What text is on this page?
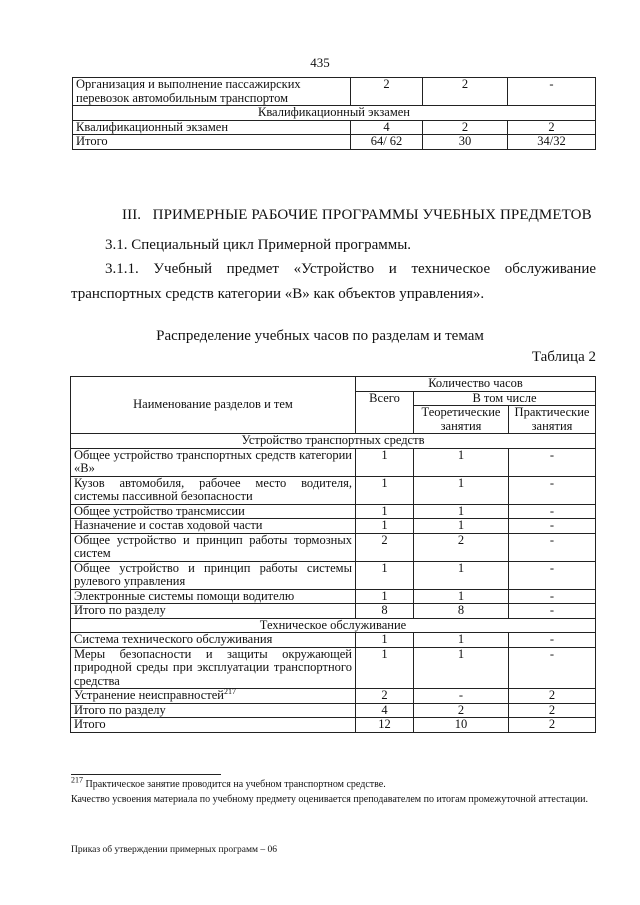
435
Организация и выполнение пассажирских перевозок автомобильным транспортом	2	2	-
Квалификационный экзамен			
Квалификационный экзамен	4	2	2
Итого	64/ 62	30	34/32
III.   ПРИМЕРНЫЕ РАБОЧИЕ ПРОГРАММЫ УЧЕБНЫХ ПРЕДМЕТОВ
3.1. Специальный цикл Примерной программы.
3.1.1. Учебный предмет «Устройство и техническое обслуживание
транспортных средств категории «В» как объектов управления».
Распределение учебных часов по разделам и темам
Таблица 2
Наименование разделов и тем	Количество часов		
	Всего	В том числе	
		Теоретические занятия	Практические занятия
Устройство транспортных средств			
Общее устройство транспортных средств категории «В»	1	1	-
Кузов автомобиля, рабочее место водителя, системы пассивной безопасности	1	1	-
Общее устройство трансмиссии	1	1	-
Назначение и состав ходовой части	1	1	-
Общее устройство и принцип работы тормозных систем	2	2	-
Общее устройство и принцип работы системы рулевого управления	1	1	-
Электронные системы помощи водителю	1	1	-
Итого по разделу	8	8	-
Техническое обслуживание			
Система технического обслуживания	1	1	-
Меры безопасности и защиты окружающей природной среды при эксплуатации транспортного средства	1	1	-
Устранение неисправностей$^{217}$	2	-	2
Итого по разделу	4	2	2
Итого	12	10	2
$^{217}$ Практическое занятие проводится на учебном транспортном средстве.
Качество усвоения материала по учебному предмету оценивается преподавателем по итогам промежуточной аттестации.
Приказ об утверждении примерных программ – 06
